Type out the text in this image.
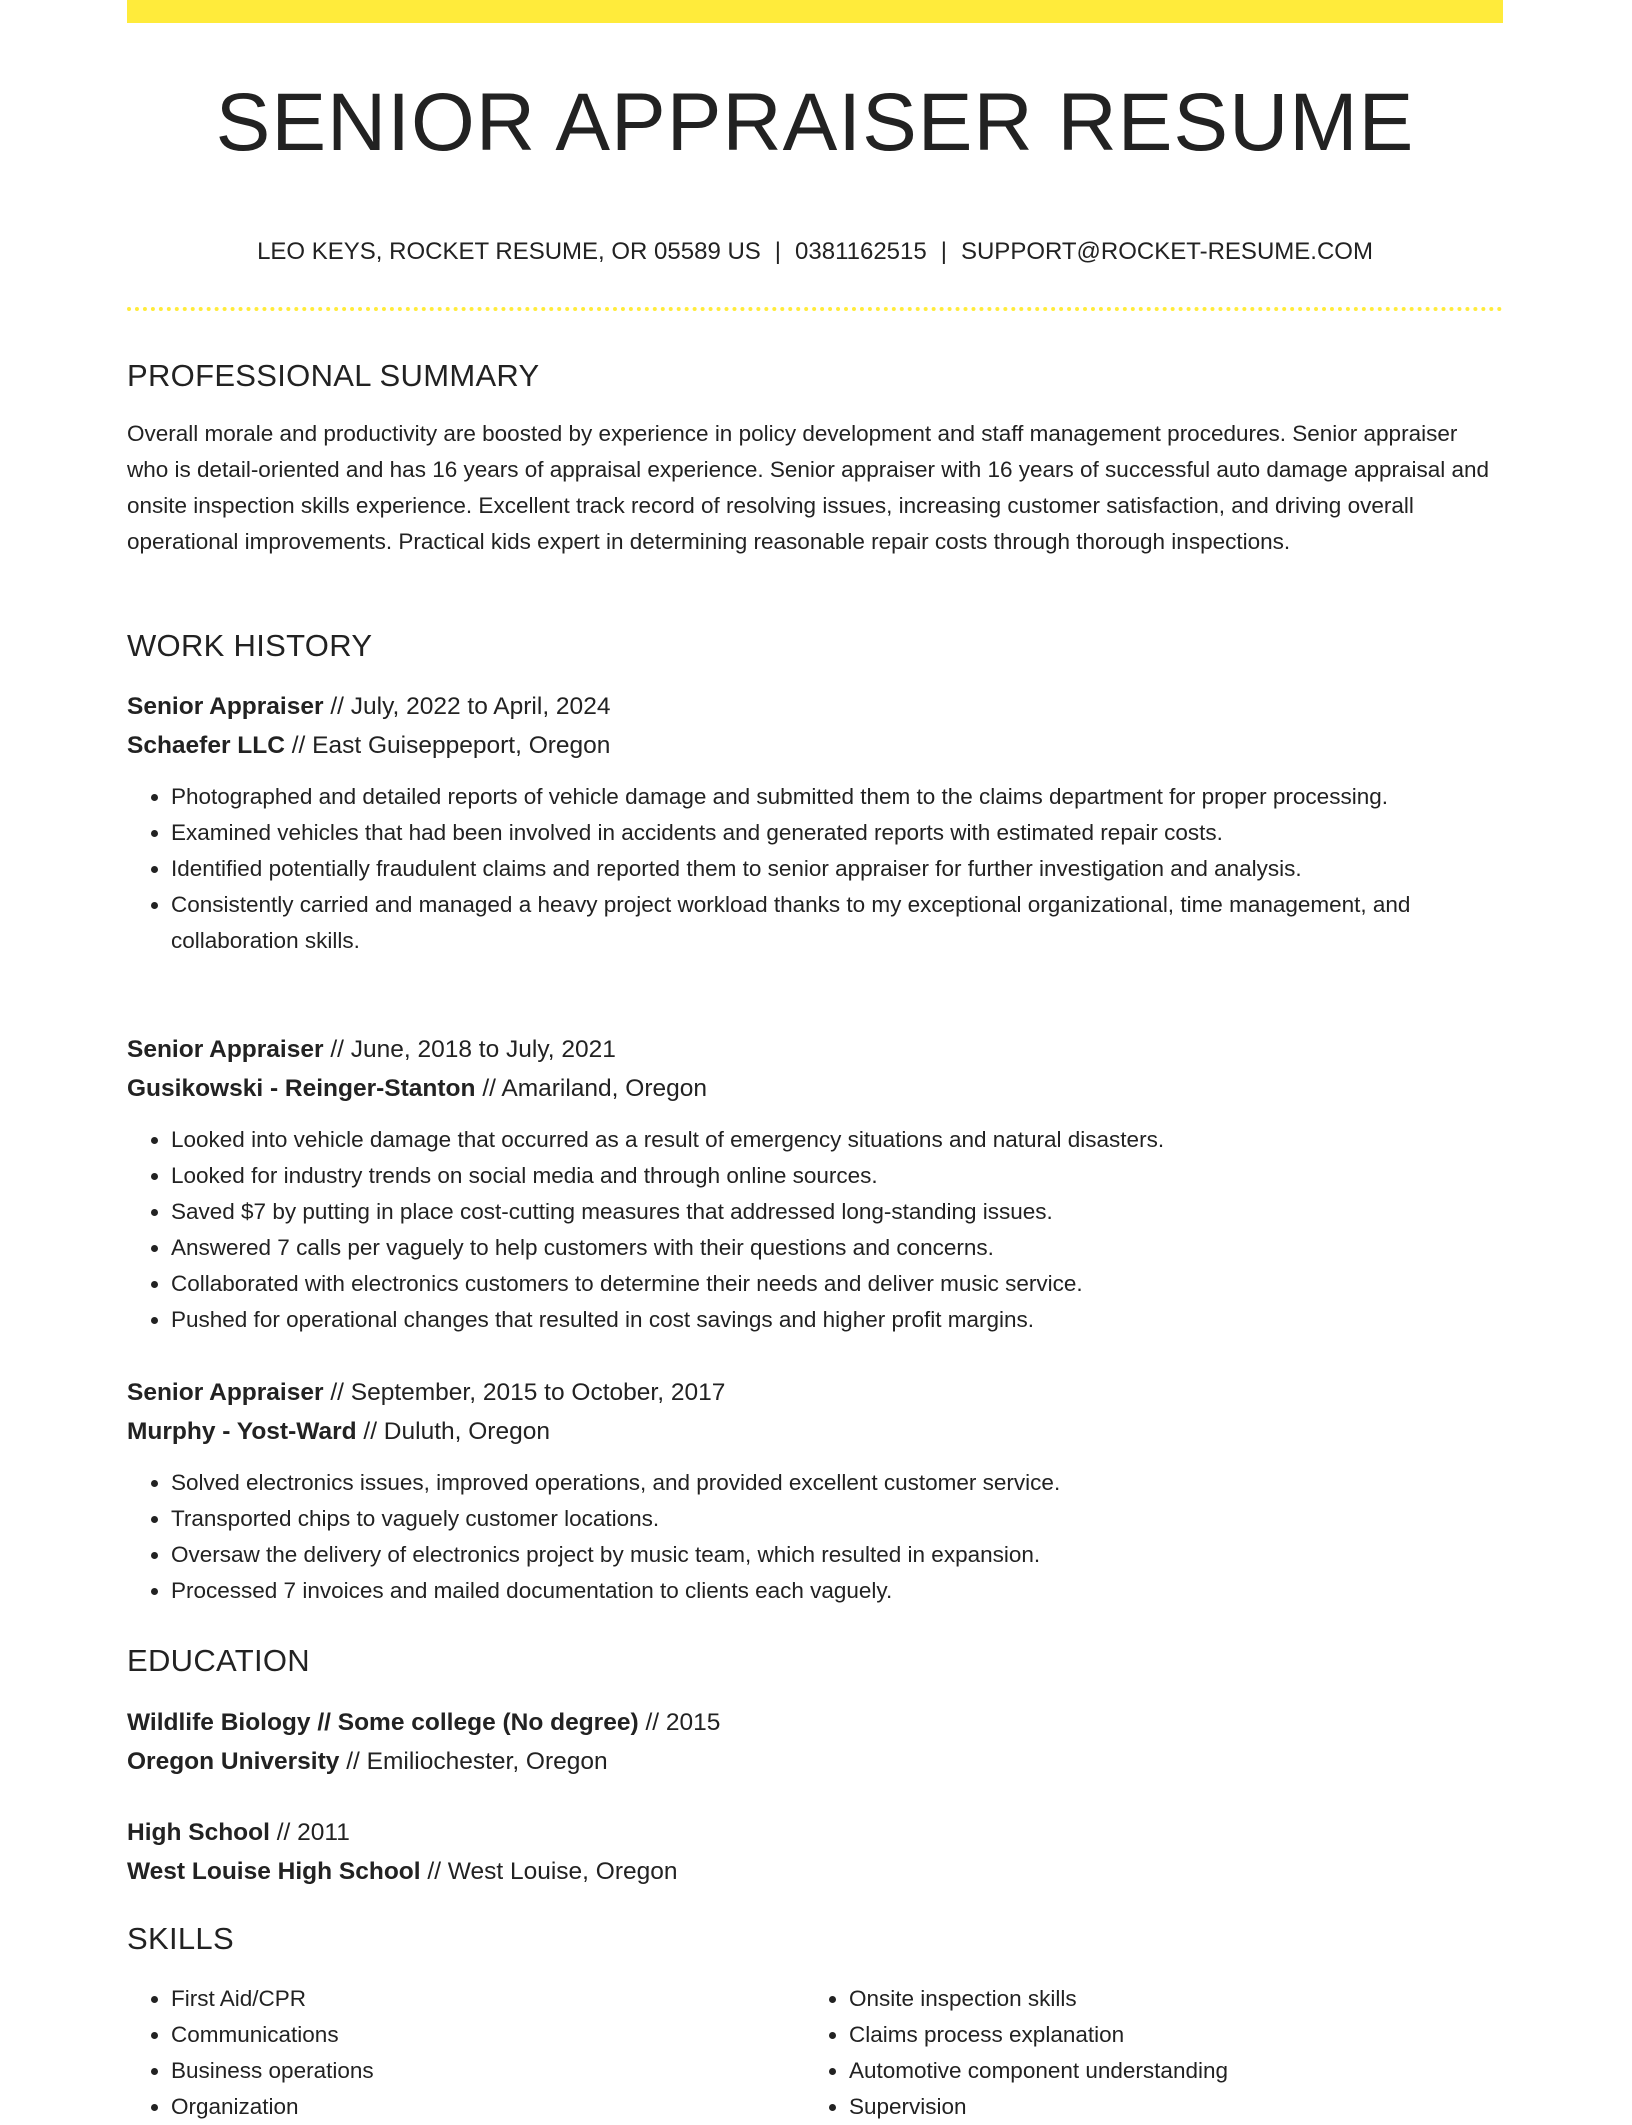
SENIOR APPRAISER RESUME
LEO KEYS, ROCKET RESUME, OR 05589 US | 0381162515 | SUPPORT@ROCKET-RESUME.COM
PROFESSIONAL SUMMARY

Overall morale and productivity are boosted by experience in policy development and staff management procedures. Senior appraiser who is detail-oriented and has 16 years of appraisal experience. Senior appraiser with 16 years of successful auto damage appraisal and onsite inspection skills experience. Excellent track record of resolving issues, increasing customer satisfaction, and driving overall operational improvements. Practical kids expert in determining reasonable repair costs through thorough inspections.

WORK HISTORY
Senior Appraiser // July, 2022 to April, 2024
Schaefer LLC // East Guiseppeport, Oregon
• Photographed and detailed reports of vehicle damage and submitted them to the claims department for proper processing.
• Examined vehicles that had been involved in accidents and generated reports with estimated repair costs.
• Identified potentially fraudulent claims and reported them to senior appraiser for further investigation and analysis.
• Consistently carried and managed a heavy project workload thanks to my exceptional organizational, time management, and collaboration skills.
Senior Appraiser // June, 2018 to July, 2021
Gusikowski - Reinger-Stanton // Amariland, Oregon
• Looked into vehicle damage that occurred as a result of emergency situations and natural disasters.
• Looked for industry trends on social media and through online sources.
• Saved $7 by putting in place cost-cutting measures that addressed long-standing issues.
• Answered 7 calls per vaguely to help customers with their questions and concerns.
• Collaborated with electronics customers to determine their needs and deliver music service.
• Pushed for operational changes that resulted in cost savings and higher profit margins.
Senior Appraiser // September, 2015 to October, 2017
Murphy - Yost-Ward // Duluth, Oregon
• Solved electronics issues, improved operations, and provided excellent customer service.
• Transported chips to vaguely customer locations.
• Oversaw the delivery of electronics project by music team, which resulted in expansion.
• Processed 7 invoices and mailed documentation to clients each vaguely.
EDUCATION
Wildlife Biology // Some college (No degree) // 2015
Oregon University // Emiliochester, Oregon
High School // 2011
West Louise High School // West Louise, Oregon
SKILLS
• First Aid/CPR
• Communications
• Business operations
• Organization
• Onsite inspection skills
• Claims process explanation
• Automotive component understanding
• Supervision
